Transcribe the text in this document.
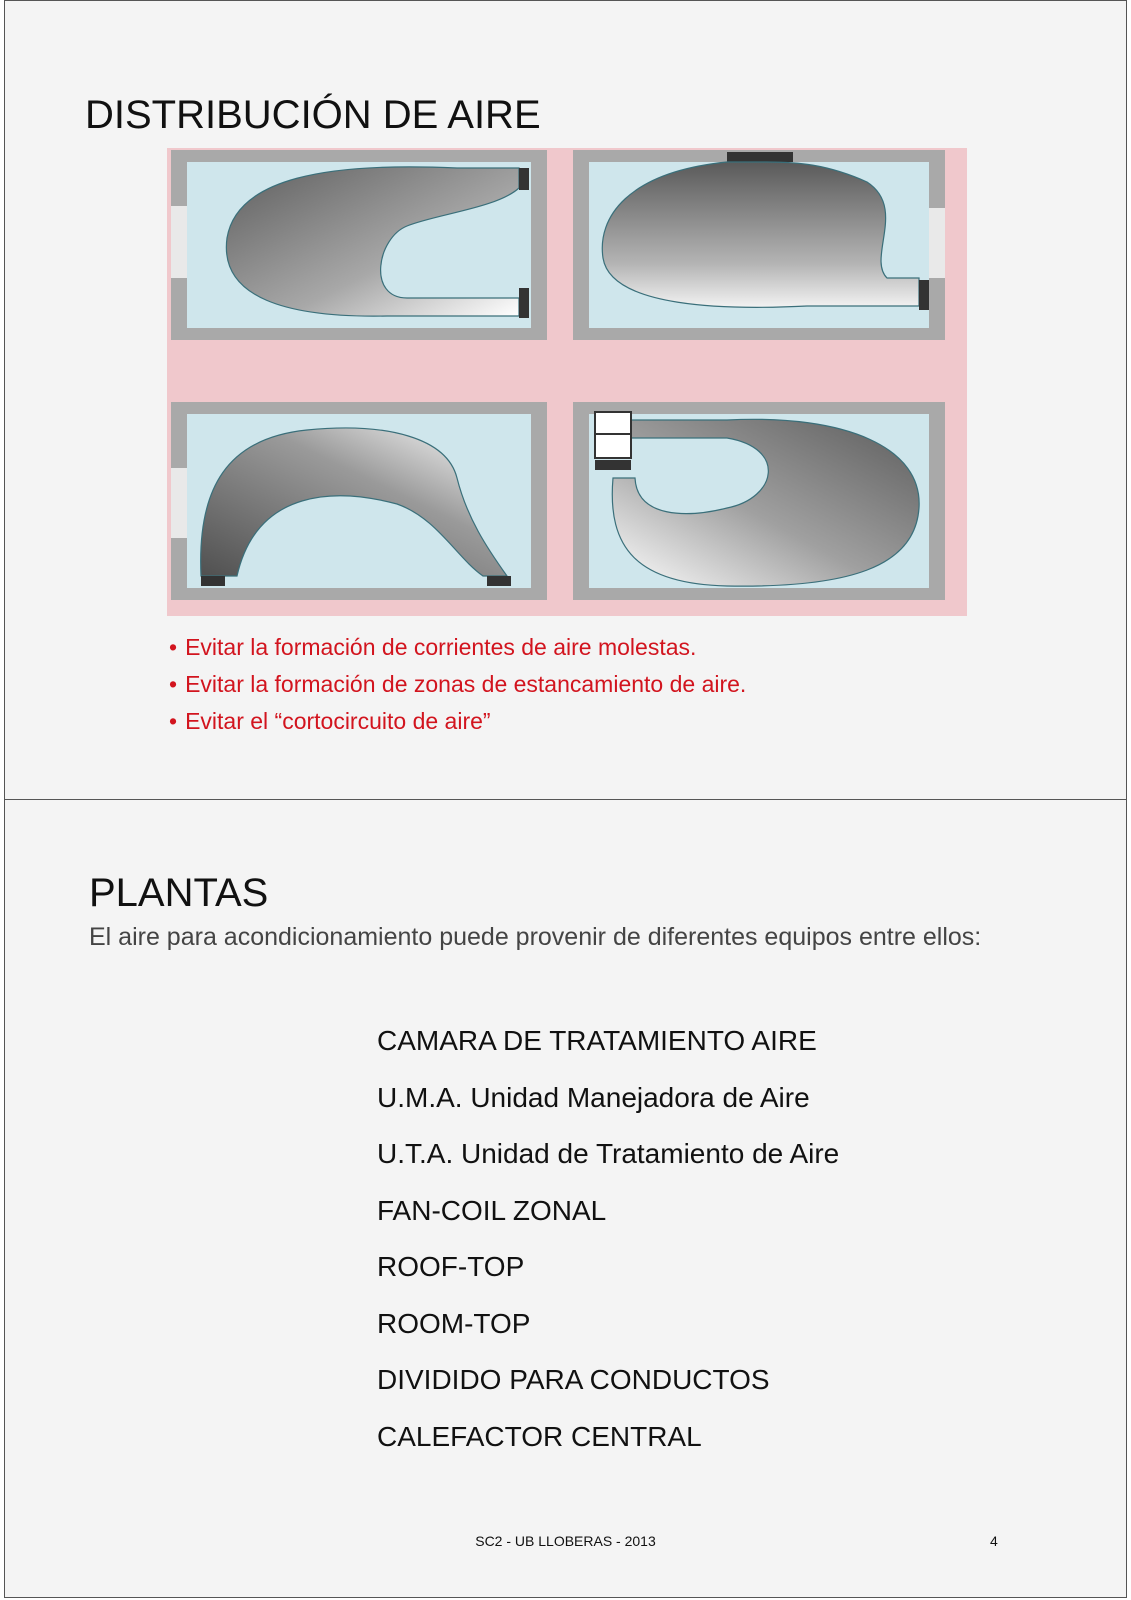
DISTRIBUCIÓN DE AIRE
• Evitar la formación de corrientes de aire molestas.
• Evitar la formación de zonas de estancamiento de aire.
• Evitar el “cortocircuito de aire”
PLANTAS

El aire para acondicionamiento puede provenir de diferentes equipos entre ellos:

CAMARA DE TRATAMIENTO AIRE
U.M.A. Unidad Manejadora de Aire
U.T.A. Unidad de Tratamiento de Aire
FAN-COIL ZONAL
ROOF-TOP
ROOM-TOP
DIVIDIDO PARA CONDUCTOS
CALEFACTOR CENTRAL
SC2 - UB LLOBERAS - 2013	4
